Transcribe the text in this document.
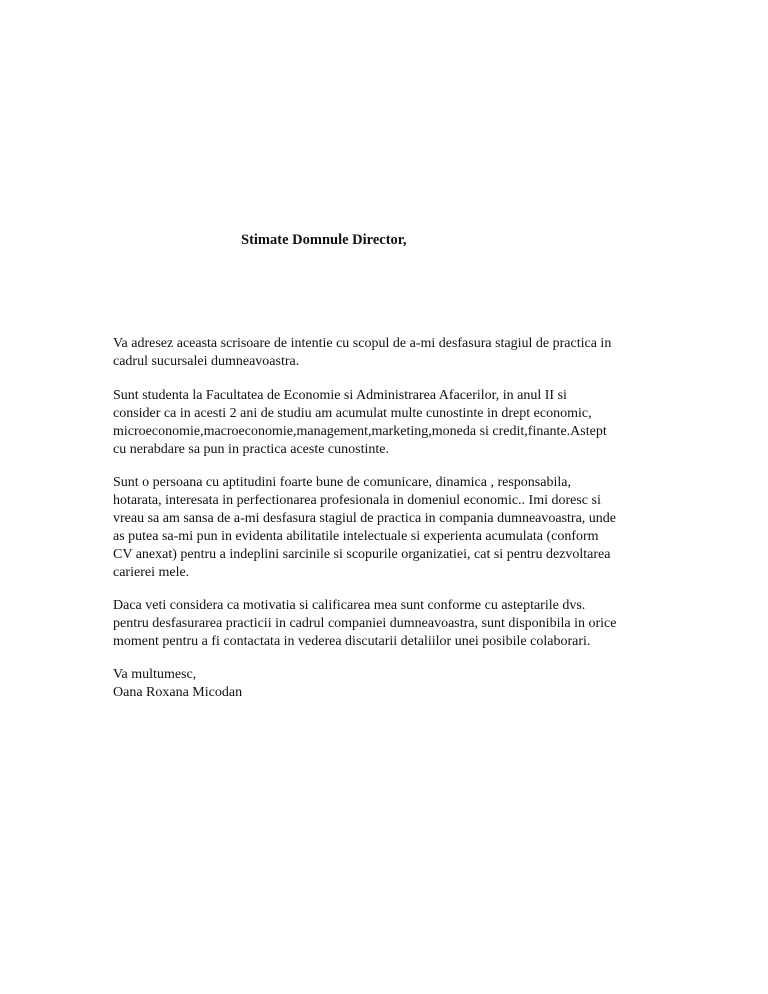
Stimate Domnule Director,
Va adresez aceasta scrisoare de intentie cu scopul de a-mi desfasura stagiul de practica in
cadrul sucursalei dumneavoastra.
Sunt studenta la Facultatea de Economie si Administrarea Afacerilor, in anul II si
consider ca in acesti 2 ani de studiu am acumulat multe cunostinte in drept economic,
microeconomie,macroeconomie,management,marketing,moneda si credit,finante.Astept
cu nerabdare sa pun in practica aceste cunostinte.
Sunt o persoana cu aptitudini foarte bune de comunicare, dinamica , responsabila,
hotarata, interesata in perfectionarea profesionala in domeniul economic.. Imi doresc si
vreau sa am sansa de a-mi desfasura stagiul de practica in compania dumneavoastra, unde
as putea sa-mi pun in evidenta abilitatile intelectuale si experienta acumulata (conform
CV anexat) pentru a indeplini sarcinile si scopurile organizatiei, cat si pentru dezvoltarea
carierei mele.
Daca veti considera ca motivatia si calificarea mea sunt conforme cu asteptarile dvs.
pentru desfasurarea practicii in cadrul companiei dumneavoastra, sunt disponibila in orice
moment pentru a fi contactata in vederea discutarii detaliilor unei posibile colaborari.
Va multumesc,
Oana Roxana Micodan
